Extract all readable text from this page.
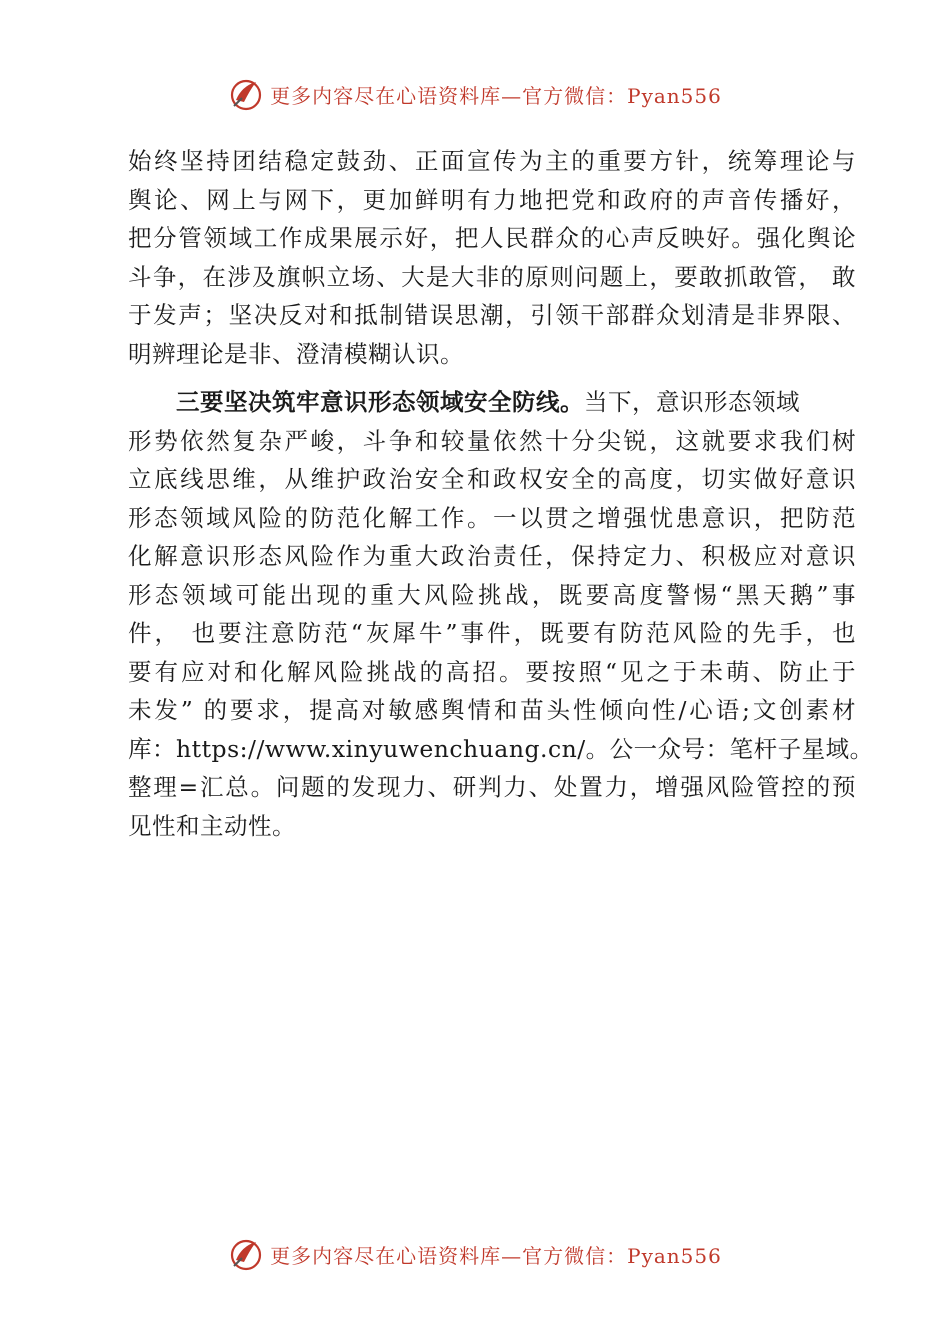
更多内容尽在心语资料库—官方微信：Pyan556
始终坚持团结稳定鼓劲、正面宣传为主的重要方针，统筹理论与
舆论、网上与网下，更加鲜明有力地把党和政府的声音传播好，
把分管领域工作成果展示好，把人民群众的心声反映好。强化舆论
斗争，在涉及旗帜立场、大是大非的原则问题上，要敢抓敢管， 敢
于发声；坚决反对和抵制错误思潮，引领干部群众划清是非界限、
明辨理论是非、澄清模糊认识。
三要坚决筑牢意识形态领域安全防线。当下，意识形态领域
形势依然复杂严峻，斗争和较量依然十分尖锐，这就要求我们树
立底线思维，从维护政治安全和政权安全的高度，切实做好意识
形态领域风险的防范化解工作。一以贯之增强忧患意识，把防范
化解意识形态风险作为重大政治责任，保持定力、积极应对意识
形态领域可能出现的重大风险挑战，既要高度警惕“黑天鹅”事
件， 也要注意防范“灰犀牛”事件，既要有防范风险的先手，也
要有应对和化解风险挑战的高招。要按照“见之于未萌、防止于
未发” 的要求，提高对敏感舆情和苗头性倾向性/心语;文创素材
库：https://www.xinyuwenchuang.cn/。公一众号：笔杆子星域。
整理=汇总。问题的发现力、研判力、处置力，增强风险管控的预
见性和主动性。
更多内容尽在心语资料库—官方微信：Pyan556
